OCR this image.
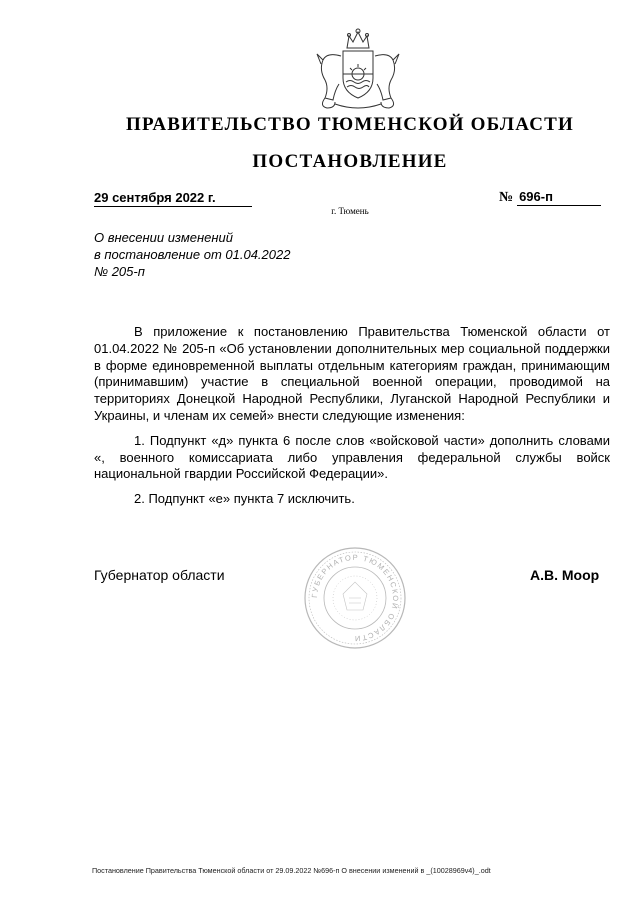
ПРАВИТЕЛЬСТВО ТЮМЕНСКОЙ ОБЛАСТИ
ПОСТАНОВЛЕНИЕ
29 сентября 2022 г.	№ 696-п
г. Тюмень
О внесении изменений
в постановление от 01.04.2022
№ 205-п

В приложение к постановлению Правительства Тюменской области от 01.04.2022 № 205-п «Об установлении дополнительных мер социальной поддержки в форме единовременной выплаты отдельным категориям граждан, принимающим (принимавшим) участие в специальной военной операции, проводимой на территориях Донецкой Народной Республики, Луганской Народной Республики и Украины, и членам их семей» внести следующие изменения:

1. Подпункт «д» пункта 6 после слов «войсковой части» дополнить словами «, военного комиссариата либо управления федеральной службы войск национальной гвардии Российской Федерации».

2. Подпункт «е» пункта 7 исключить.

ГУБЕРНАТОР ТЮМЕНСКОЙ ОБЛАСТИ
Губернатор области	А.В. Моор
Постановление Правительства Тюменской области от 29.09.2022 №696-п О внесении изменений в _(10028969v4)_.odt
